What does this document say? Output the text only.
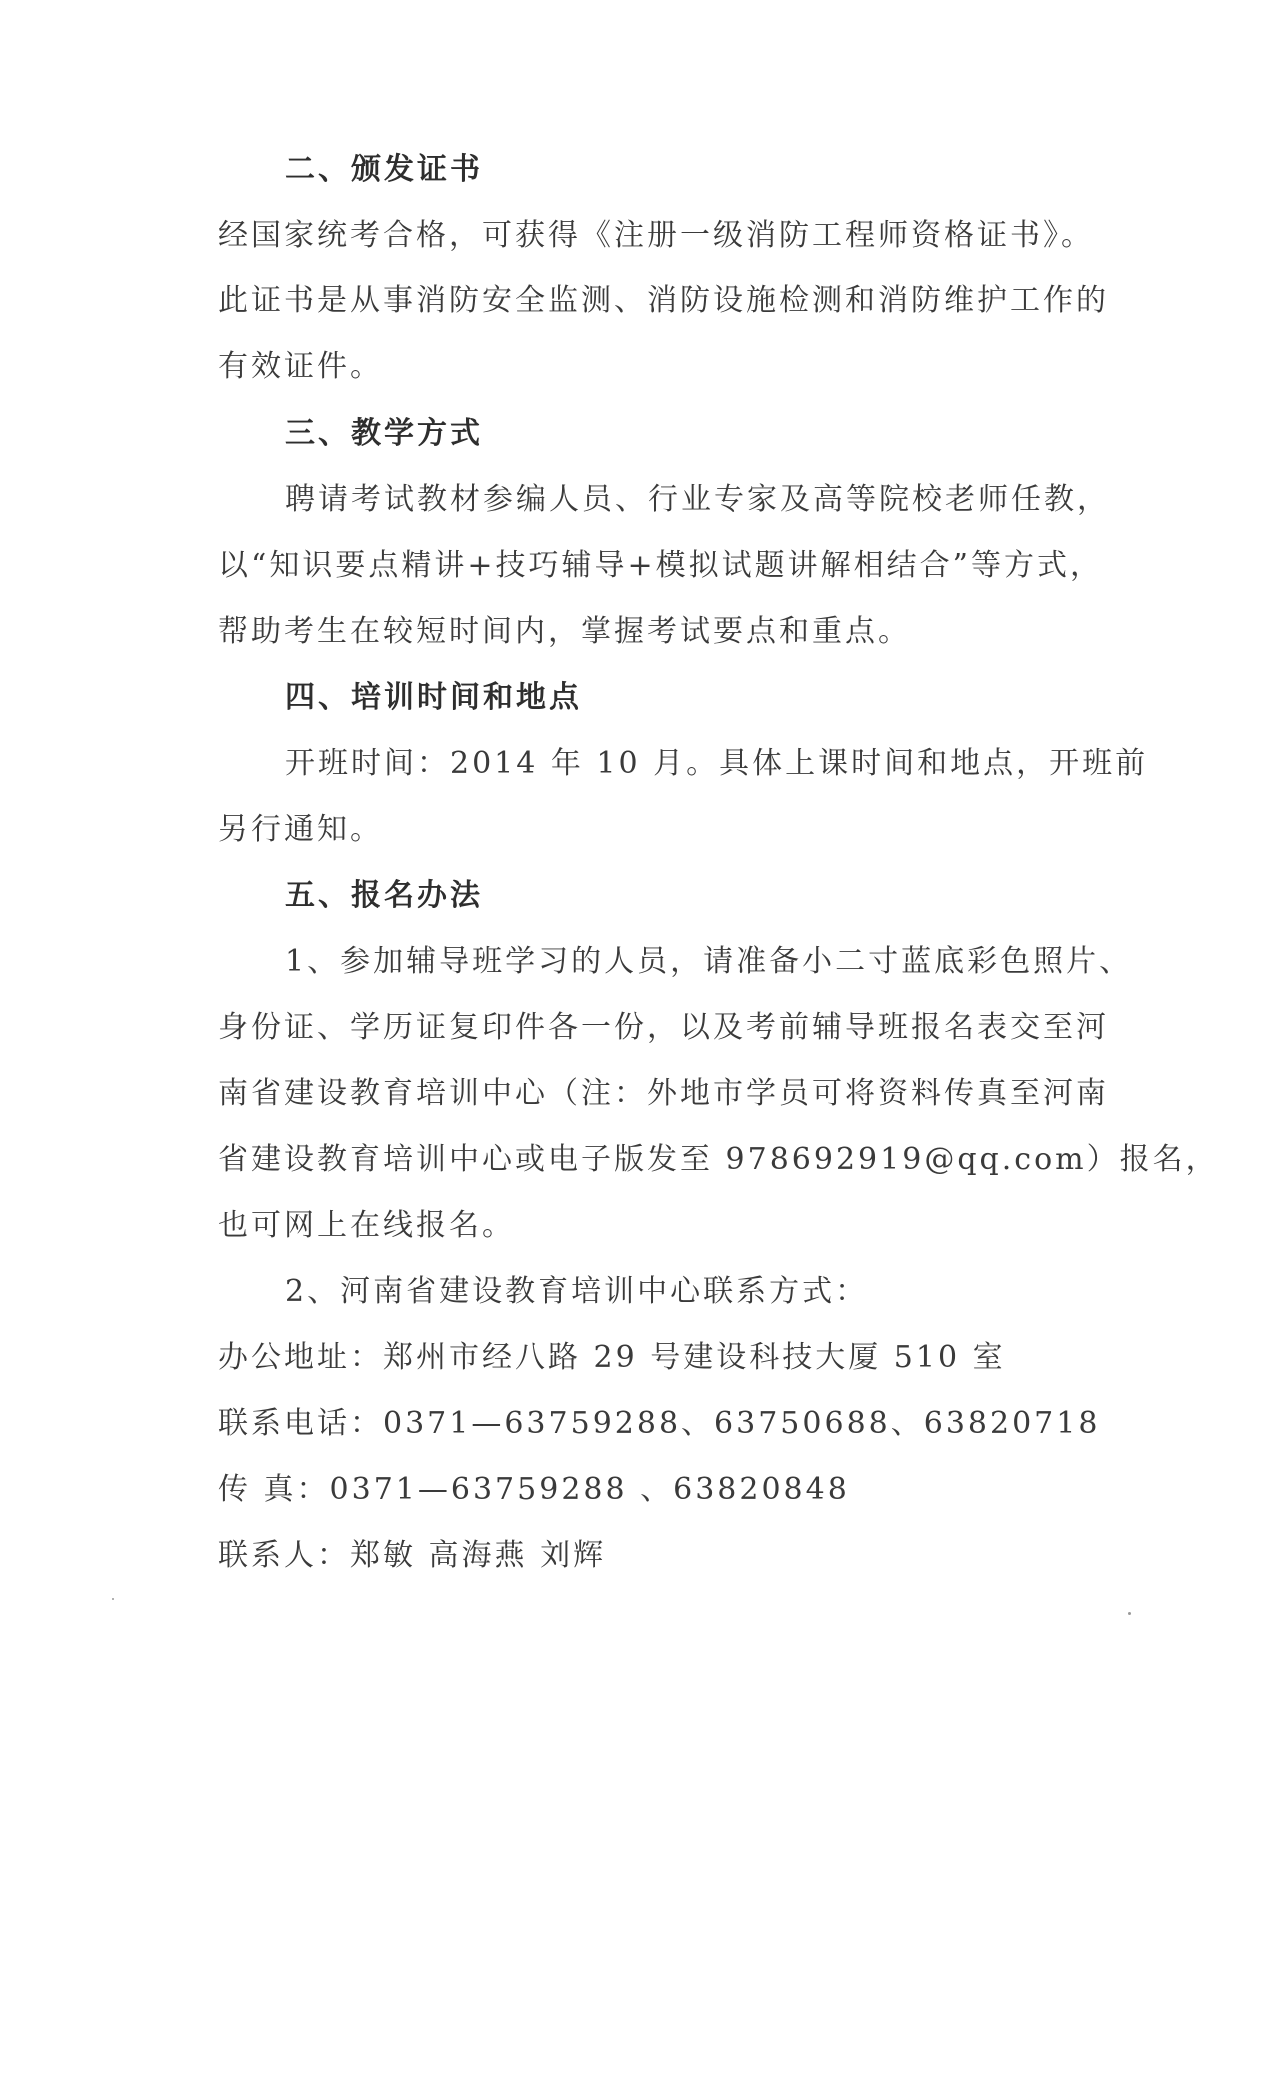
二、颁发证书
经国家统考合格，可获得《注册一级消防工程师资格证书》。
此证书是从事消防安全监测、消防设施检测和消防维护工作的
有效证件。
三、教学方式
聘请考试教材参编人员、行业专家及高等院校老师任教，
以“知识要点精讲+技巧辅导+模拟试题讲解相结合”等方式，
帮助考生在较短时间内，掌握考试要点和重点。
四、培训时间和地点
开班时间：2014 年 10 月。具体上课时间和地点，开班前
另行通知。
五、报名办法
1、参加辅导班学习的人员，请准备小二寸蓝底彩色照片、
身份证、学历证复印件各一份，以及考前辅导班报名表交至河
南省建设教育培训中心（注：外地市学员可将资料传真至河南
省建设教育培训中心或电子版发至 978692919@qq.com）报名，
也可网上在线报名。
2、河南省建设教育培训中心联系方式：
办公地址：郑州市经八路 29 号建设科技大厦 510 室
联系电话：0371—63759288、63750688、63820718
传 真：0371—63759288 、63820848
联系人：郑敏 高海燕 刘辉
